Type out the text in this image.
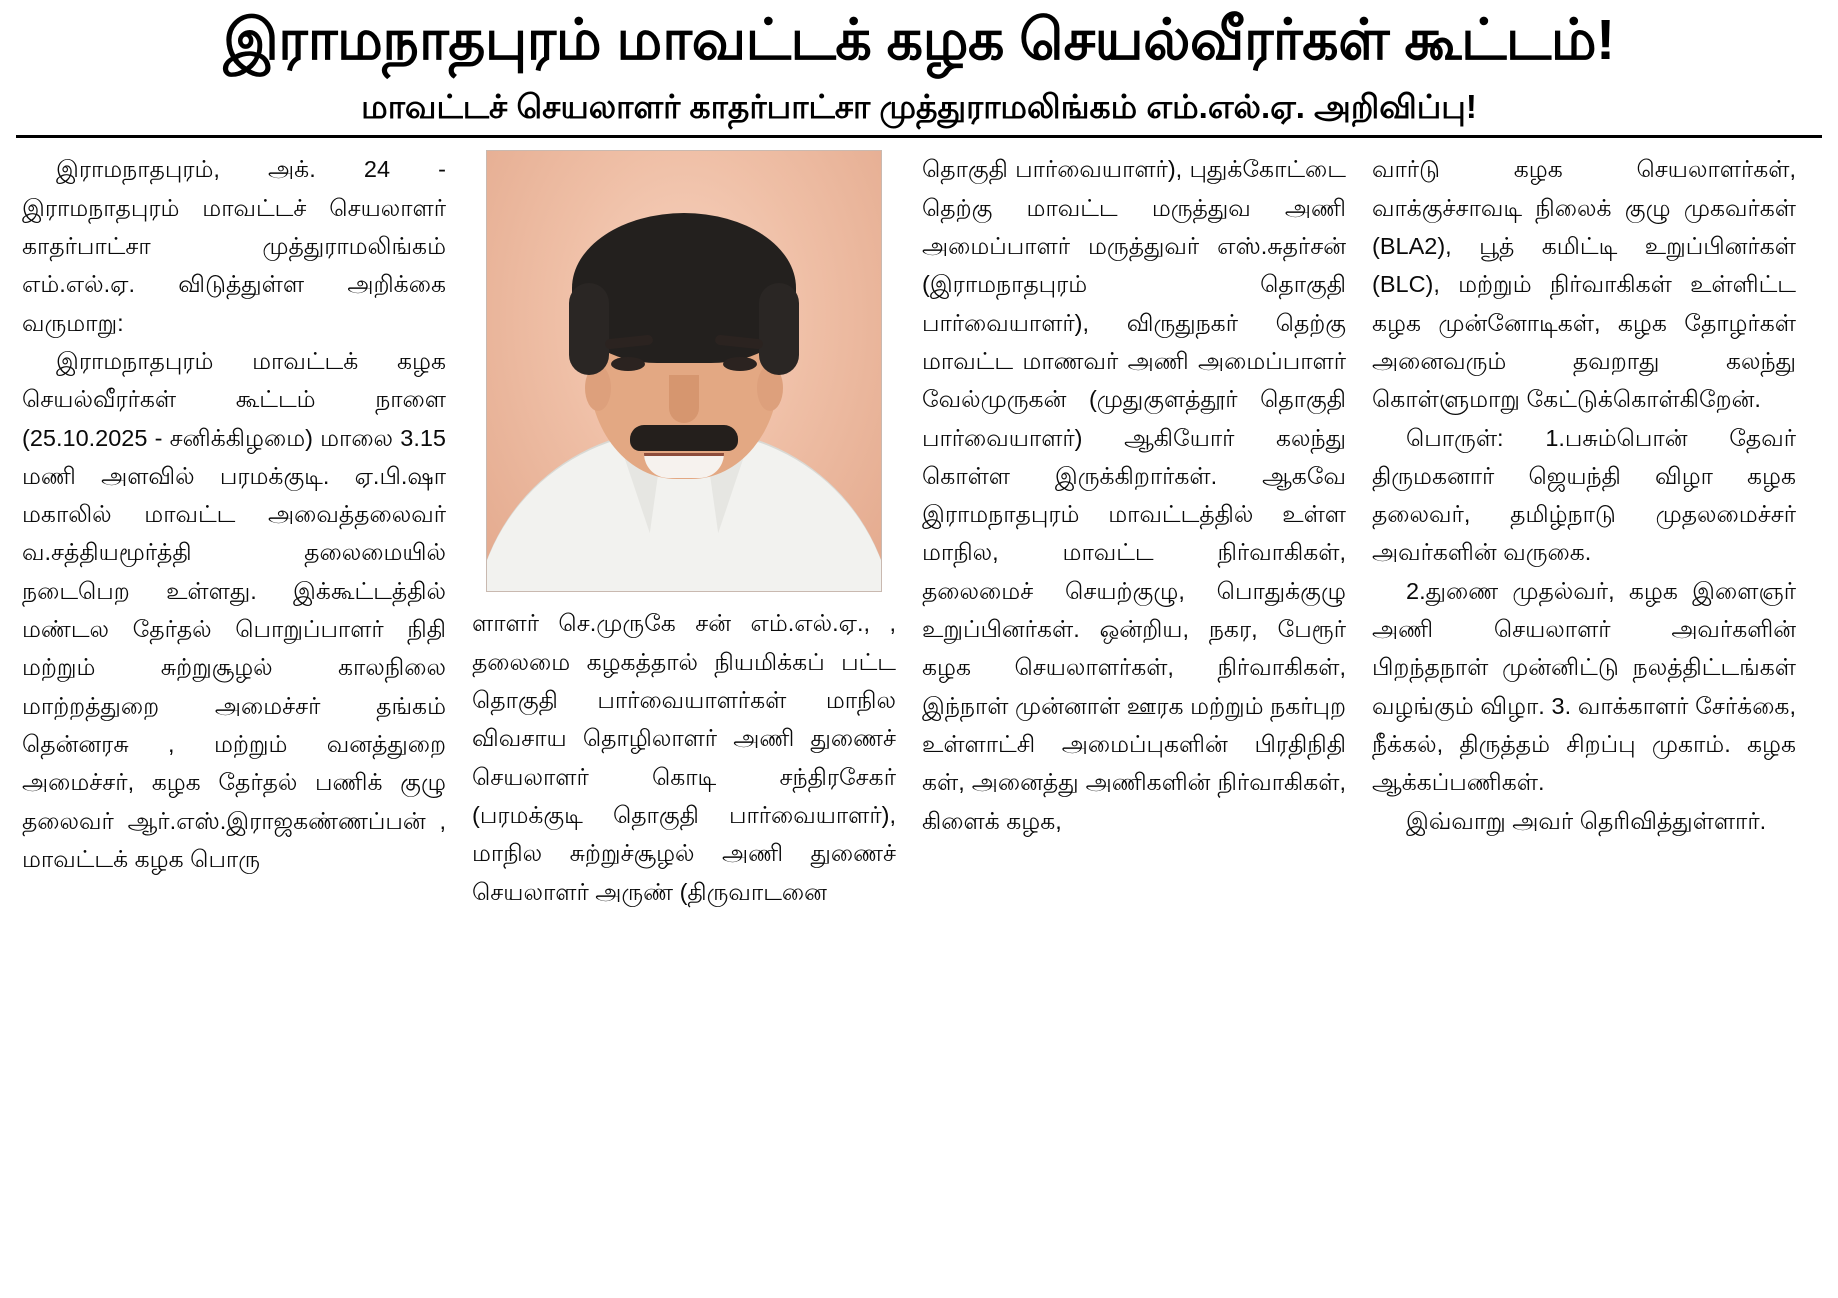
இராமநாதபுரம் மாவட்டக் கழக செயல்வீரர்கள் கூட்டம்!
மாவட்டச் செயலாளர் காதர்பாட்சா முத்துராமலிங்கம் எம்.எல்.ஏ. அறிவிப்பு!

இராமநாதபுரம், அக். 24 - இராமநாதபுரம் மாவட்டச் செயலாளர் காதர்பாட்சா முத்துராமலிங்கம் எம்.எல்.ஏ. விடுத்துள்ள அறிக்கை வருமாறு:

இராமநாதபுரம் மாவட்டக் கழக செயல்வீரர்கள் கூட்டம் நாளை (25.10.2025 - சனிக்கிழமை) மாலை 3.15 மணி அளவில் பரமக்குடி. ஏ.பி.ஷா மகாலில் மாவட்ட அவைத்தலைவர் வ.சத்தியமூர்த்தி தலைமையில் நடைபெற உள்ளது. இக்கூட்டத்தில் மண்டல தேர்தல் பொறுப்பாளர் நிதி மற்றும் சுற்றுசூழல் காலநிலை மாற்றத்துறை அமைச்சர் தங்கம் தென்னரசு , மற்றும் வனத்துறை அமைச்சர், கழக தேர்தல் பணிக் குழு தலைவர் ஆர்.எஸ்.இராஜகண்ணப்பன் , மாவட்டக் கழக பொரு

ளாளர் செ.முருகே சன் எம்.எல்.ஏ., , தலைமை கழகத்தால் நியமிக்கப் பட்ட தொகுதி பார்வையாளர்கள் மாநில விவசாய தொழிலாளர் அணி துணைச் செயலாளர் கொடி சந்திரசேகர் (பரமக்குடி தொகுதி பார்வையாளர்), மாநில சுற்றுச்சூழல் அணி துணைச் செயலாளர் அருண் (திருவாடனை

தொகுதி பார்வையாளர்), புதுக்கோட்டை தெற்கு மாவட்ட மருத்துவ அணி அமைப்பாளர் மருத்துவர் எஸ்.சுதர்சன் (இராமநாதபுரம் தொகுதி பார்வையாளர்), விருதுநகர் தெற்கு மாவட்ட மாணவர் அணி அமைப்பாளர் வேல்முருகன் (முதுகுளத்தூர் தொகுதி பார்வையாளர்) ஆகியோர் கலந்து கொள்ள இருக்கிறார்கள். ஆகவே இராமநாதபுரம் மாவட்டத்தில் உள்ள மாநில, மாவட்ட நிர்வாகிகள், தலைமைச் செயற்குழு, பொதுக்குழு உறுப்பினர்கள். ஒன்றிய, நகர, பேரூர் கழக செயலாளர்கள், நிர்வாகிகள், இந்நாள் முன்னாள் ஊரக மற்றும் நகர்புற உள்ளாட்சி அமைப்புகளின் பிரதிநிதி கள், அனைத்து அணிகளின் நிர்வாகிகள், கிளைக் கழக,

வார்டு கழக செயலாளர்கள், வாக்குச்சாவடி நிலைக் குழு முகவர்கள் (BLA2), பூத் கமிட்டி உறுப்பினர்கள் (BLC), மற்றும் நிர்வாகிகள் உள்ளிட்ட கழக முன்னோடிகள், கழக தோழர்கள் அனைவரும் தவறாது கலந்து கொள்ளுமாறு கேட்டுக்கொள்கிறேன்.

பொருள்: 1.பசும்பொன் தேவர் திருமகனார் ஜெயந்தி விழா கழக தலைவர், தமிழ்நாடு முதலமைச்சர் அவர்களின் வருகை.

2.துணை முதல்வர், கழக இளைஞர் அணி செயலாளர் அவர்களின் பிறந்தநாள் முன்னிட்டு நலத்திட்டங்கள் வழங்கும் விழா. 3. வாக்காளர் சேர்க்கை, நீக்கல், திருத்தம் சிறப்பு முகாம். கழக ஆக்கப்பணிகள்.

இவ்வாறு அவர் தெரிவித்துள்ளார்.
